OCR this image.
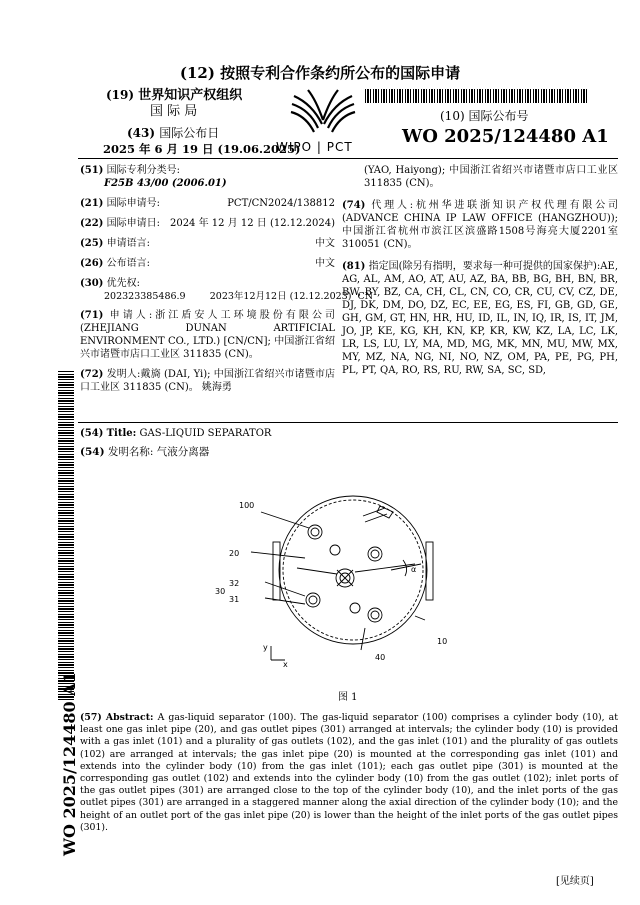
(12) 按照专利合作条约所公布的国际申请
(19) 世界知识产权组织
国 际 局
(43) 国际公布日
2025 年 6 月 19 日 (19.06.2025)
WIPO | PCT
(10) 国际公布号
WO 2025/124480 A1
(51) 国际专利分类号:
F25B 43/00 (2006.01)
(21) 国际申请号:	PCT/CN2024/138812
(22) 国际申请日: 2024 年 12 月 12 日 (12.12.2024)
(25) 申请语言:	中文
(26) 公布语言:	中文
(30) 优先权:
202323385486.9        2023年12月12日 (12.12.2023)  CN
(71) 申请人:浙江盾安人工环境股份有限公司 (ZHEJIANG DUNAN ARTIFICIAL ENVIRONMENT CO., LTD.) [CN/CN]; 中国浙江省绍兴市诸暨市店口工业区 311835 (CN)。
(72) 发明人:戴旖 (DAI, Yi); 中国浙江省绍兴市诸暨市店口工业区 311835 (CN)。 姚海勇
(YAO, Haiyong); 中国浙江省绍兴市诸暨市店口工业区 311835 (CN)。
(74) 代理人:杭州华进联浙知识产权代理有限公司 (ADVANCE CHINA IP LAW OFFICE (HANGZHOU)); 中国浙江省杭州市滨江区滨盛路1508号海亮大厦2201室 310051 (CN)。
(81) 指定国(除另有指明，要求每一种可提供的国家保护):AE, AG, AL, AM, AO, AT, AU, AZ, BA, BB, BG, BH, BN, BR, BW, BY, BZ, CA, CH, CL, CN, CO, CR, CU, CV, CZ, DE, DJ, DK, DM, DO, DZ, EC, EE, EG, ES, FI, GB, GD, GE, GH, GM, GT, HN, HR, HU, ID, IL, IN, IQ, IR, IS, IT, JM, JO, JP, KE, KG, KH, KN, KP, KR, KW, KZ, LA, LC, LK, LR, LS, LU, LY, MA, MD, MG, MK, MN, MU, MW, MX, MY, MZ, NA, NG, NI, NO, NZ, OM, PA, PE, PG, PH, PL, PT, QA, RO, RS, RU, RW, SA, SC, SD,
(54) Title: GAS-LIQUID SEPARATOR
(54) 发明名称: 气液分离器
100
20
32
30
31
10
40
y
x
α
图 1
WO 2025/124480 A1 (57) Abstract: A gas-liquid separator (100). The gas-liquid separator (100) comprises a cylinder body (10), at least one gas inlet pipe (20), and gas outlet pipes (301) arranged at intervals; the cylinder body (10) is provided with a gas inlet (101) and a plurality of gas outlets (102), and the gas inlet (101) and the plurality of gas outlets (102) are arranged at intervals; the gas inlet pipe (20) is mounted at the corresponding gas inlet (101) and extends into the cylinder body (10) from the gas inlet (101); each gas outlet pipe (301) is mounted at the corresponding gas outlet (102) and extends into the cylinder body (10) from the gas outlet (102); inlet ports of the gas outlet pipes (301) are arranged close to the top of the cylinder body (10), and the inlet ports of the gas outlet pipes (301) are arranged in a staggered manner along the axial direction of the cylinder body (10); and the height of an outlet port of the gas inlet pipe (20) is lower than the height of the inlet ports of the gas outlet pipes (301).
[见续页]
